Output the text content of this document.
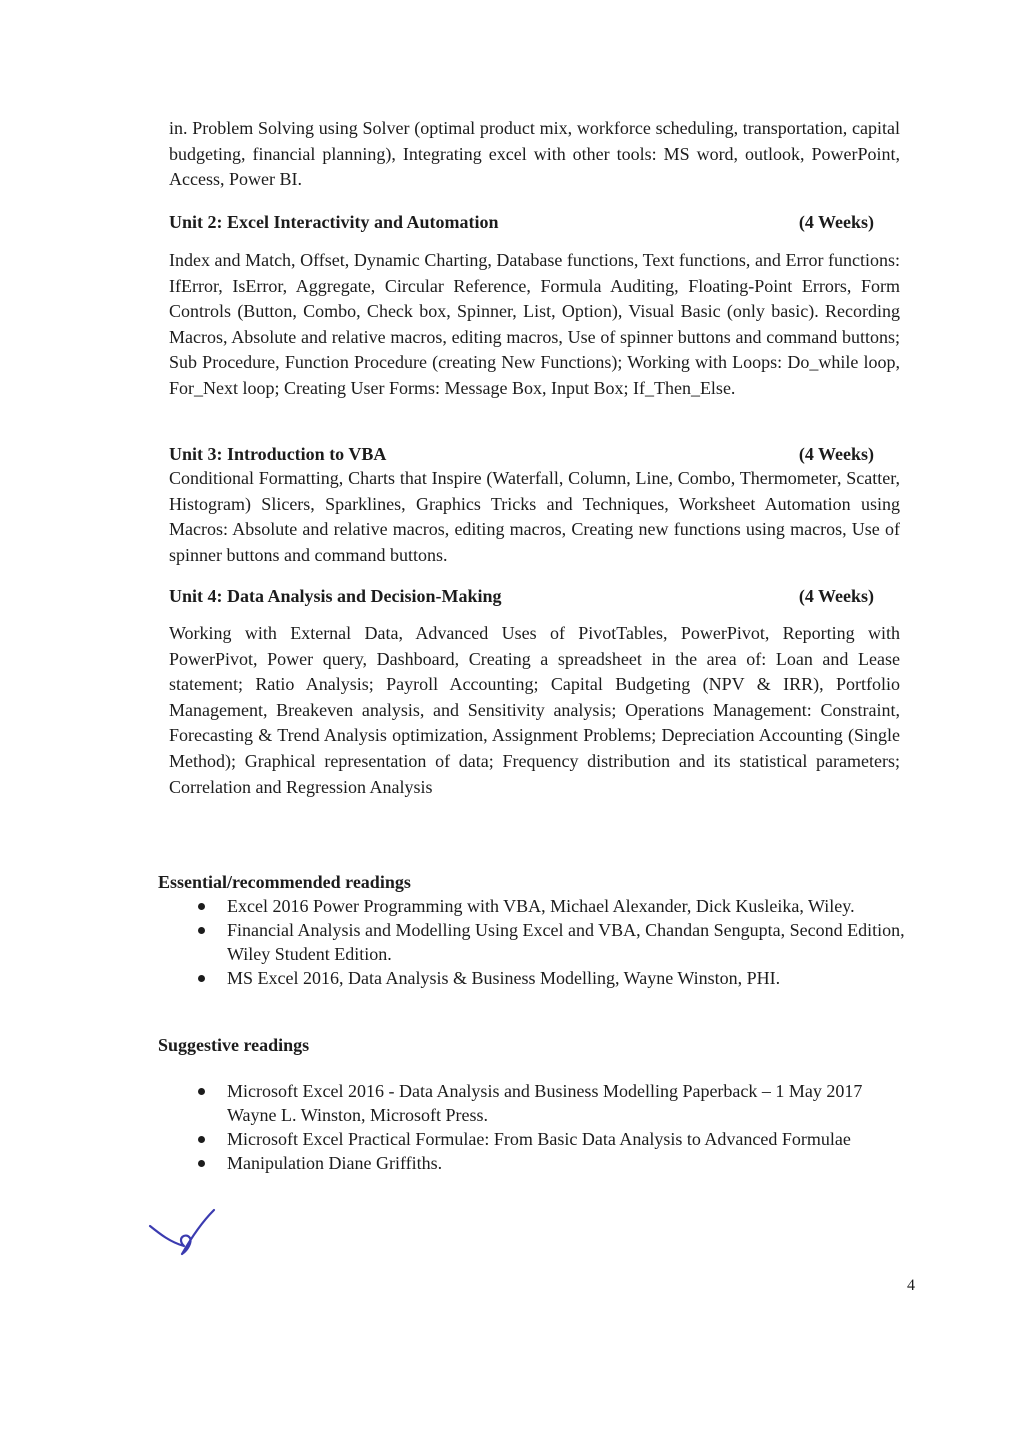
in. Problem Solving using Solver (optimal product mix, workforce scheduling, transportation, capital budgeting, financial planning), Integrating excel with other tools: MS word, outlook, PowerPoint, Access, Power BI.

Unit 2: Excel Interactivity and Automation	(4 Weeks)

Index and Match, Offset, Dynamic Charting, Database functions, Text functions, and Error functions: IfError, IsError, Aggregate, Circular Reference, Formula Auditing, Floating-Point Errors, Form Controls (Button, Combo, Check box, Spinner, List, Option), Visual Basic (only basic). Recording Macros, Absolute and relative macros, editing macros, Use of spinner buttons and command buttons; Sub Procedure, Function Procedure (creating New Functions); Working with Loops: Do_while loop, For_Next loop; Creating User Forms: Message Box, Input Box; If_Then_Else.

Unit 3: Introduction to VBA	(4 Weeks)

Conditional Formatting, Charts that Inspire (Waterfall, Column, Line, Combo, Thermometer, Scatter, Histogram) Slicers, Sparklines, Graphics Tricks and Techniques, Worksheet Automation using Macros: Absolute and relative macros, editing macros, Creating new functions using macros, Use of spinner buttons and command buttons.

Unit 4: Data Analysis and Decision-Making	(4 Weeks)

Working with External Data, Advanced Uses of PivotTables, PowerPivot, Reporting with PowerPivot, Power query, Dashboard, Creating a spreadsheet in the area of: Loan and Lease statement; Ratio Analysis; Payroll Accounting; Capital Budgeting (NPV & IRR), Portfolio Management, Breakeven analysis, and Sensitivity analysis; Operations Management: Constraint, Forecasting & Trend Analysis optimization, Assignment Problems; Depreciation Accounting (Single Method); Graphical representation of data; Frequency distribution and its statistical parameters; Correlation and Regression Analysis

Essential/recommended readings
Excel 2016 Power Programming with VBA, Michael Alexander, Dick Kusleika, Wiley.
Financial Analysis and Modelling Using Excel and VBA, Chandan Sengupta, Second Edition, Wiley Student Edition.
MS Excel 2016, Data Analysis & Business Modelling, Wayne Winston, PHI.
Suggestive readings
Microsoft Excel 2016 - Data Analysis and Business Modelling Paperback – 1 May 2017 Wayne L. Winston, Microsoft Press.
Microsoft Excel Practical Formulae: From Basic Data Analysis to Advanced Formulae
Manipulation Diane Griffiths.
4
